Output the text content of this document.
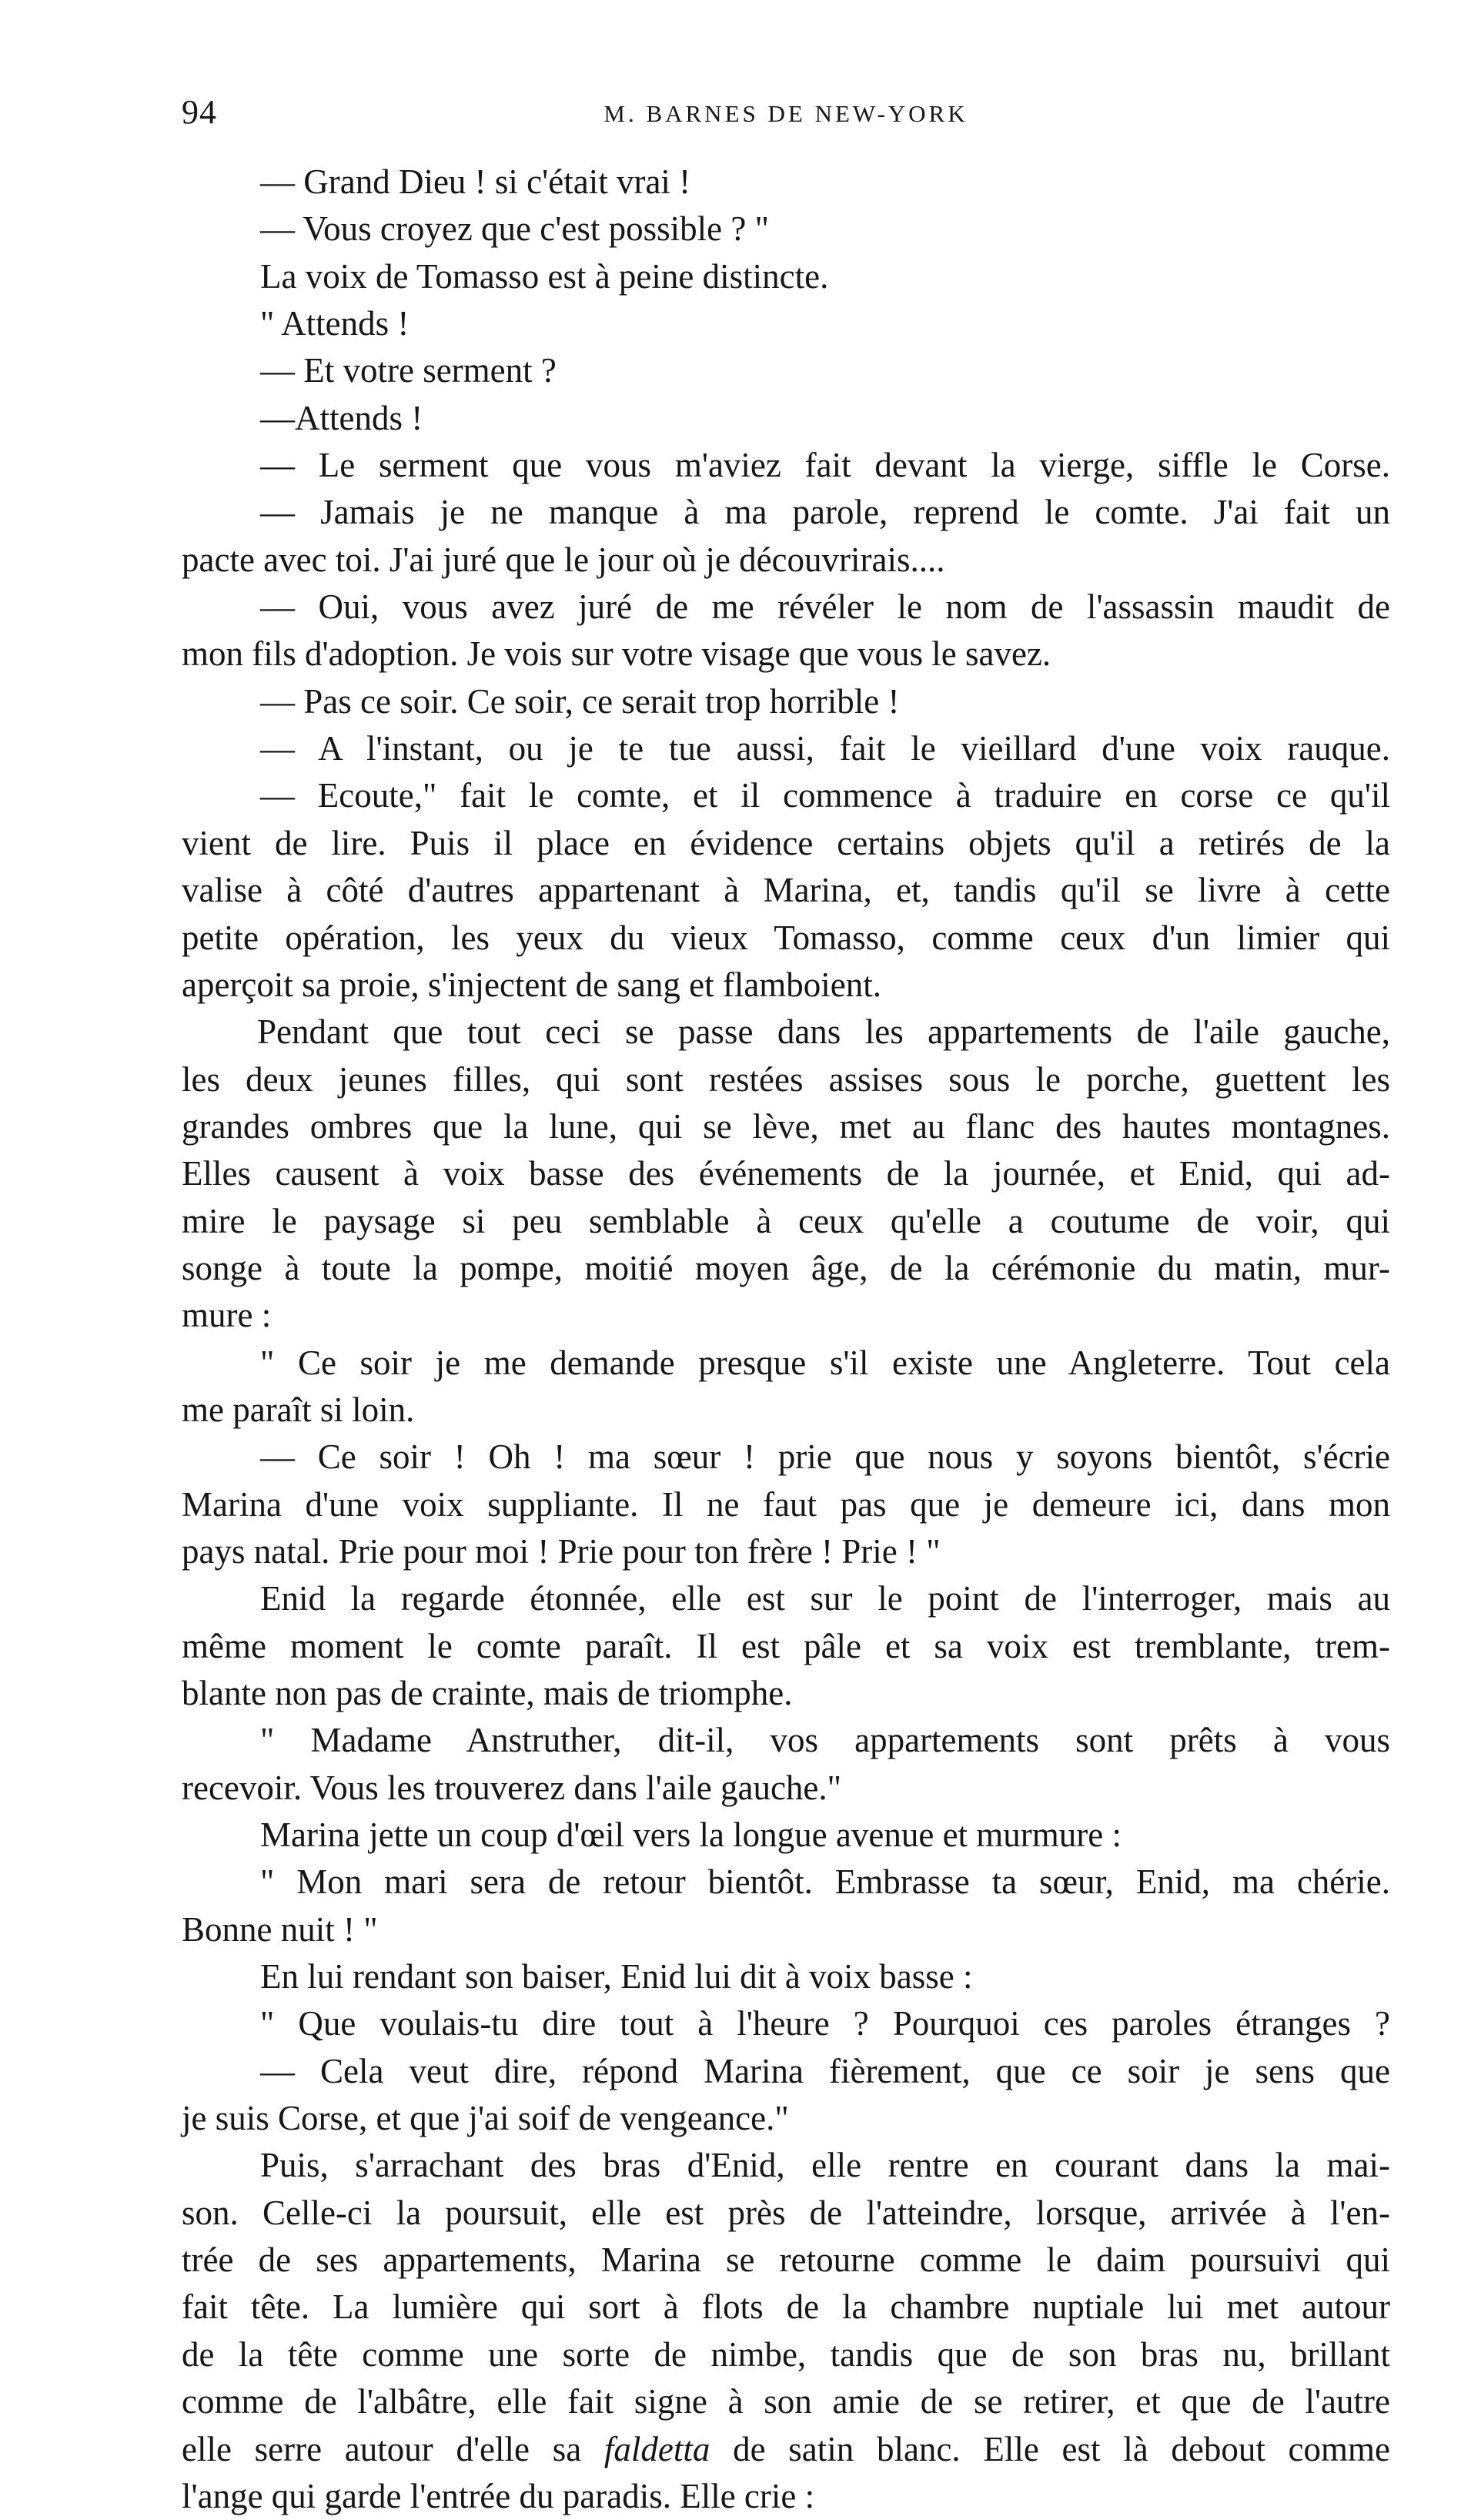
94	M. BARNES DE NEW-YORK
— Grand Dieu ! si c'était vrai !
— Vous croyez que c'est possible ? "
La voix de Tomasso est à peine distincte.
" Attends !
— Et votre serment ?
—Attends !
— Le serment que vous m'aviez fait devant la vierge, siffle le Corse.
— Jamais je ne manque à ma parole, reprend le comte. J'ai fait un
pacte avec toi. J'ai juré que le jour où je découvrirais....
— Oui, vous avez juré de me révéler le nom de l'assassin maudit de
mon fils d'adoption. Je vois sur votre visage que vous le savez.
— Pas ce soir. Ce soir, ce serait trop horrible !
— A l'instant, ou je te tue aussi, fait le vieillard d'une voix rauque.
— Ecoute," fait le comte, et il commence à traduire en corse ce qu'il
vient de lire. Puis il place en évidence certains objets qu'il a retirés de la
valise à côté d'autres appartenant à Marina, et, tandis qu'il se livre à cette
petite opération, les yeux du vieux Tomasso, comme ceux d'un limier qui
aperçoit sa proie, s'injectent de sang et flamboient.
Pendant que tout ceci se passe dans les appartements de l'aile gauche,
les deux jeunes filles, qui sont restées assises sous le porche, guettent les
grandes ombres que la lune, qui se lève, met au flanc des hautes montagnes.
Elles causent à voix basse des événements de la journée, et Enid, qui ad-
mire le paysage si peu semblable à ceux qu'elle a coutume de voir, qui
songe à toute la pompe, moitié moyen âge, de la cérémonie du matin, mur-
mure :
" Ce soir je me demande presque s'il existe une Angleterre. Tout cela
me paraît si loin.
— Ce soir ! Oh ! ma sœur ! prie que nous y soyons bientôt, s'écrie
Marina d'une voix suppliante. Il ne faut pas que je demeure ici, dans mon
pays natal. Prie pour moi ! Prie pour ton frère ! Prie ! "
Enid la regarde étonnée, elle est sur le point de l'interroger, mais au
même moment le comte paraît. Il est pâle et sa voix est tremblante, trem-
blante non pas de crainte, mais de triomphe.
" Madame Anstruther, dit-il, vos appartements sont prêts à vous
recevoir. Vous les trouverez dans l'aile gauche."
Marina jette un coup d'œil vers la longue avenue et murmure :
" Mon mari sera de retour bientôt. Embrasse ta sœur, Enid, ma chérie.
Bonne nuit ! "
En lui rendant son baiser, Enid lui dit à voix basse :
" Que voulais-tu dire tout à l'heure ? Pourquoi ces paroles étranges ?
— Cela veut dire, répond Marina fièrement, que ce soir je sens que
je suis Corse, et que j'ai soif de vengeance."
Puis, s'arrachant des bras d'Enid, elle rentre en courant dans la mai-
son. Celle-ci la poursuit, elle est près de l'atteindre, lorsque, arrivée à l'en-
trée de ses appartements, Marina se retourne comme le daim poursuivi qui
fait tête. La lumière qui sort à flots de la chambre nuptiale lui met autour
de la tête comme une sorte de nimbe, tandis que de son bras nu, brillant
comme de l'albâtre, elle fait signe à son amie de se retirer, et que de l'autre
elle serre autour d'elle sa faldetta de satin blanc. Elle est là debout comme
l'ange qui garde l'entrée du paradis. Elle crie :
